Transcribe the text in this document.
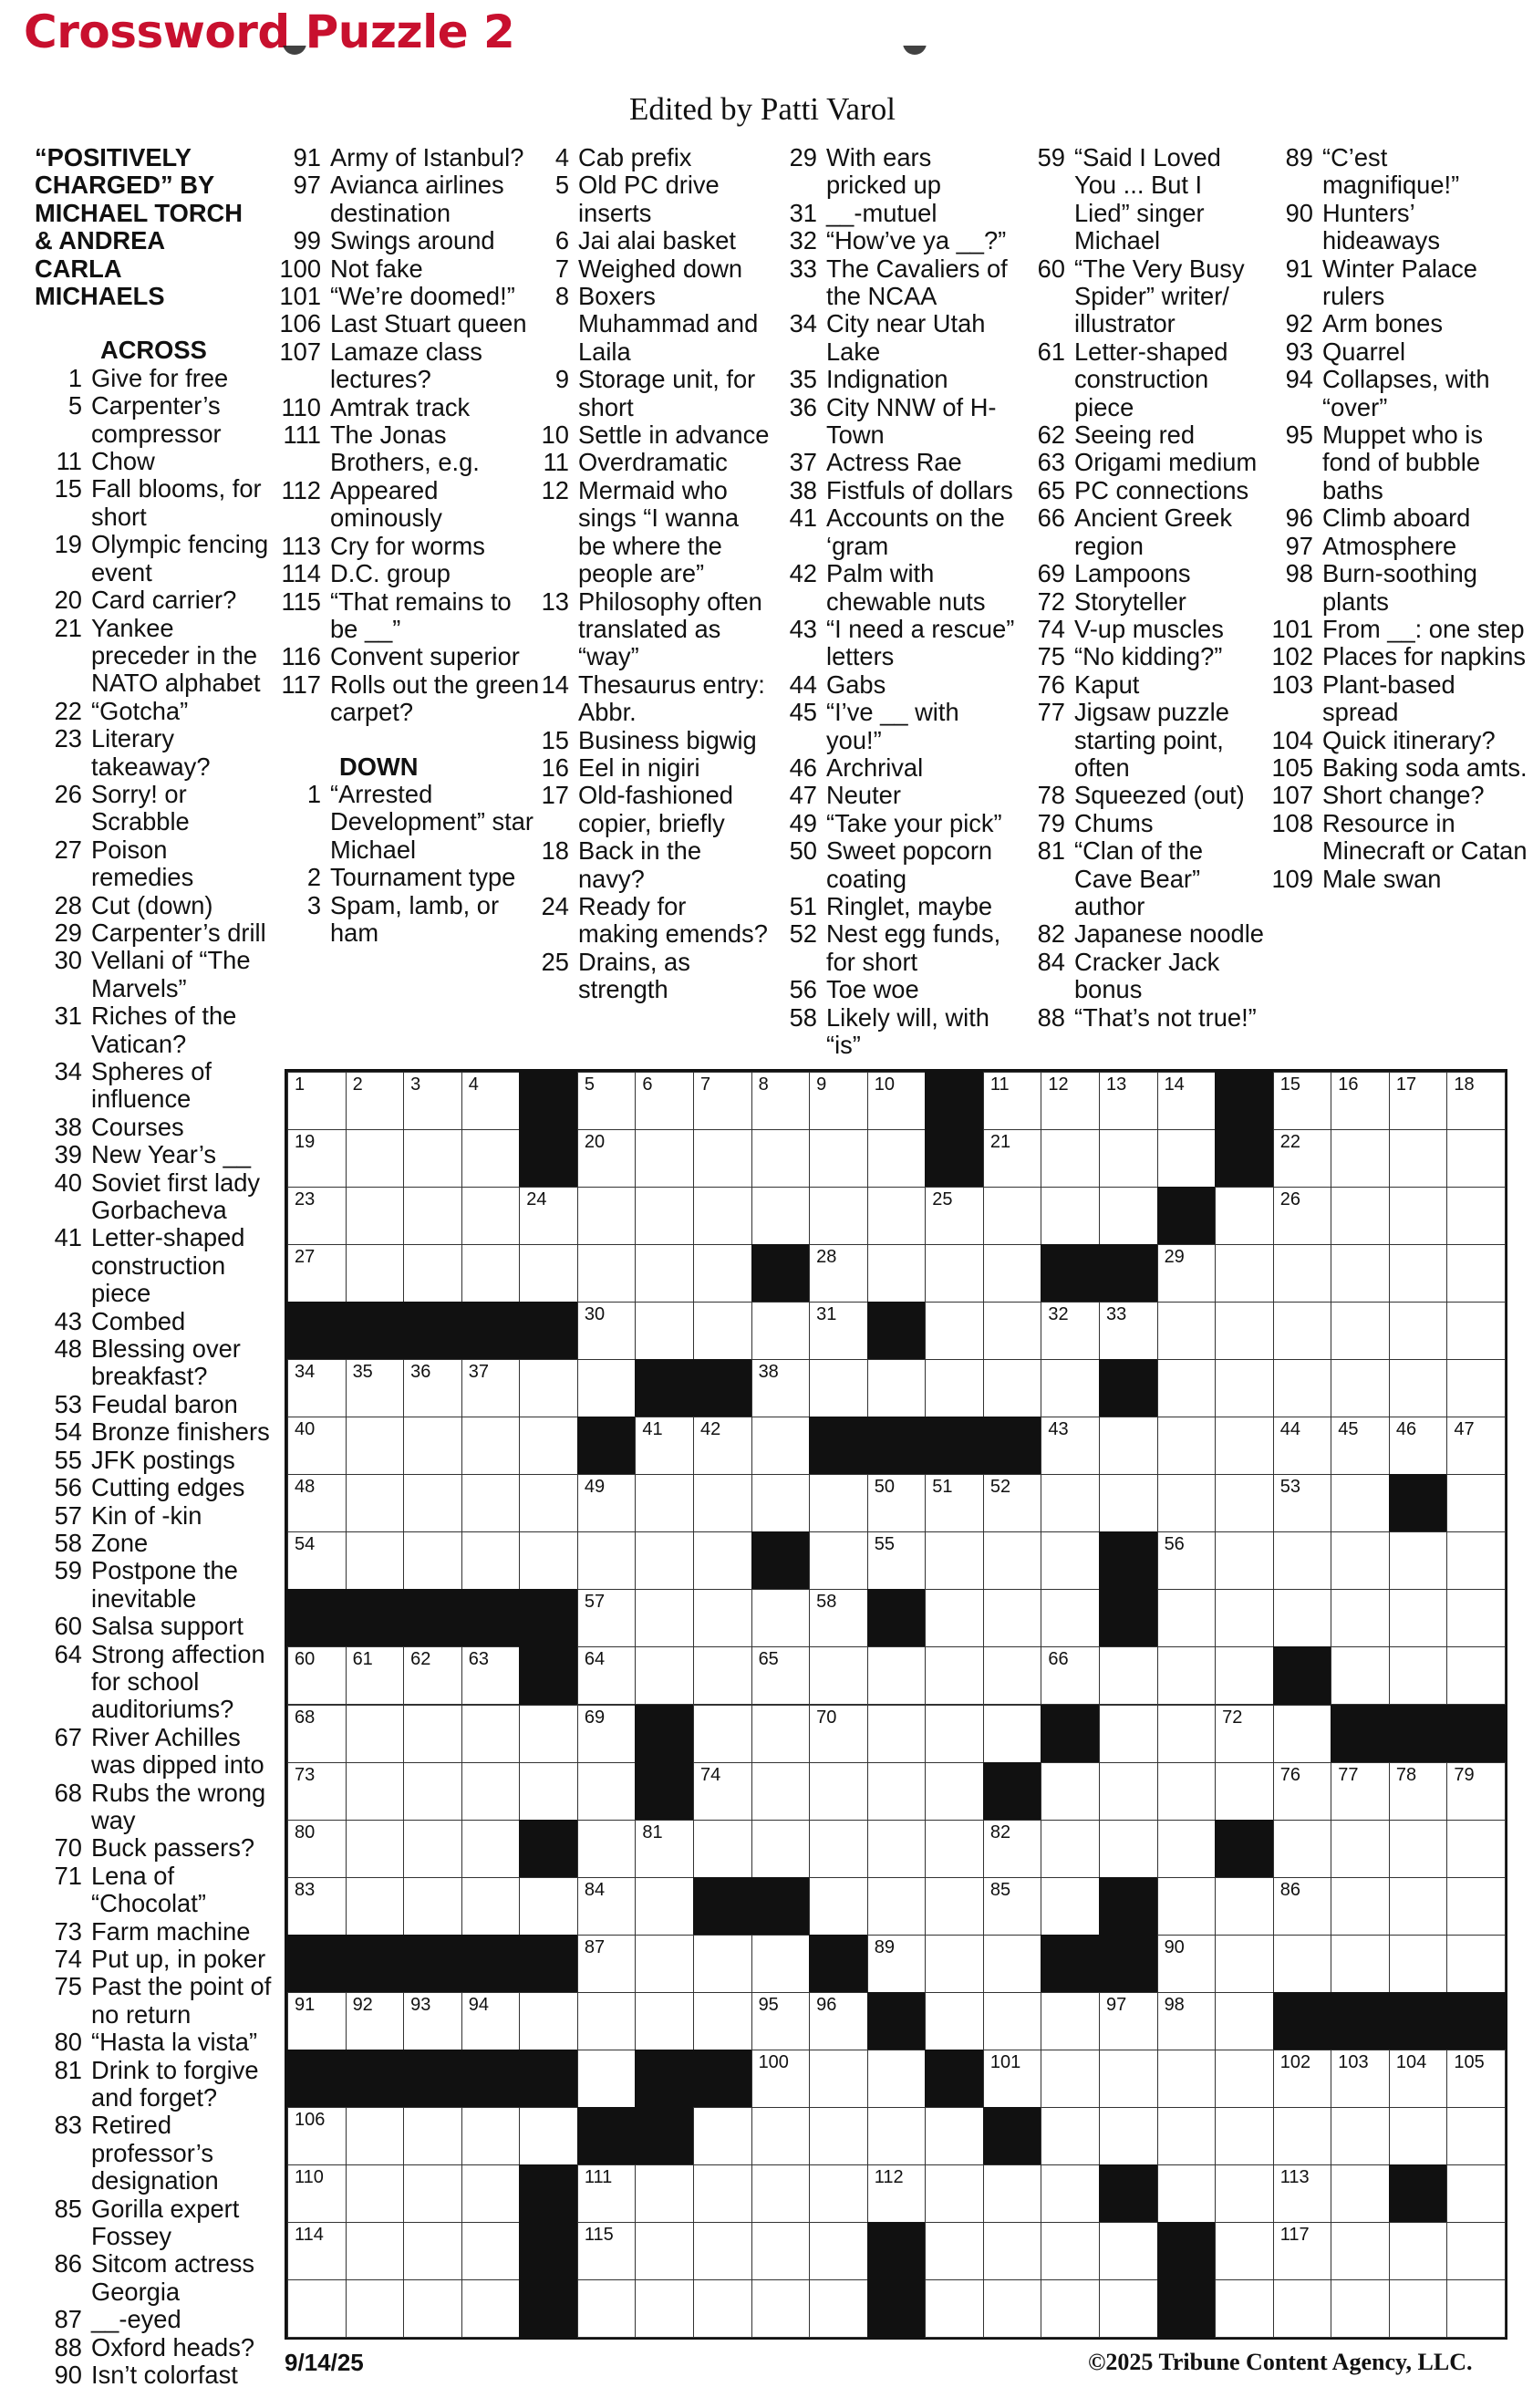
Crossword Puzzle 2
Edited by Patti Varol
“POSITIVELY CHARGED” BY MICHAEL TORCH & ANDREA CARLA MICHAELS
ACROSS
1 Give for free
5 Carpenter’s compressor
11 Chow
15 Fall blooms, for short
19 Olympic fencing event
20 Card carrier?
21 Yankee preceder in the NATO alphabet
22 “Gotcha”
23 Literary takeaway?
26 Sorry! or Scrabble
27 Poison remedies
28 Cut (down)
29 Carpenter’s drill
30 Vellani of “The Marvels”
31 Riches of the Vatican?
34 Spheres of influence
38 Courses
39 New Year’s __
40 Soviet first lady Gorbacheva
41 Letter-shaped construction piece
43 Combed
48 Blessing over breakfast?
53 Feudal baron
54 Bronze finishers
55 JFK postings
56 Cutting edges
57 Kin of -kin
58 Zone
59 Postpone the inevitable
60 Salsa support
64 Strong affection for school auditoriums?
67 River Achilles was dipped into
68 Rubs the wrong way
70 Buck passers?
71 Lena of “Chocolat”
73 Farm machine
74 Put up, in poker
75 Past the point of no return
80 “Hasta la vista”
81 Drink to forgive and forget?
83 Retired professor’s designation
85 Gorilla expert Fossey
86 Sitcom actress Georgia
87 __-eyed
88 Oxford heads?
90 Isn’t colorfast
91 Army of Istanbul?
97 Avianca airlines destination
99 Swings around
100 Not fake
101 “We’re doomed!”
106 Last Stuart queen
107 Lamaze class lectures?
110 Amtrak track
111 The Jonas Brothers, e.g.
112 Appeared ominously
113 Cry for worms
114 D.C. group
115 “That remains to be __”
116 Convent superior
117 Rolls out the green carpet?
DOWN
1 “Arrested Development” star Michael
2 Tournament type
3 Spam, lamb, or ham
4 Cab prefix
5 Old PC drive inserts
6 Jai alai basket
7 Weighed down
8 Boxers Muhammad and Laila
9 Storage unit, for short
10 Settle in advance
11 Overdramatic
12 Mermaid who sings “I wanna be where the people are”
13 Philosophy often translated as “way”
14 Thesaurus entry: Abbr.
15 Business bigwig
16 Eel in nigiri
17 Old-fashioned copier, briefly
18 Back in the navy?
24 Ready for making emends?
25 Drains, as strength
29 With ears pricked up
31 __-mutuel
32 “How’ve ya __?”
33 The Cavaliers of the NCAA
34 City near Utah Lake
35 Indignation
36 City NNW of H-Town
37 Actress Rae
38 Fistfuls of dollars
41 Accounts on the ‘gram
42 Palm with chewable nuts
43 “I need a rescue” letters
44 Gabs
45 “I’ve __ with you!”
46 Archrival
47 Neuter
49 “Take your pick”
50 Sweet popcorn coating
51 Ringlet, maybe
52 Nest egg funds, for short
56 Toe woe
58 Likely will, with “is”
59 “Said I Loved You ... But I Lied” singer Michael
60 “The Very Busy Spider” writer/ illustrator
61 Letter-shaped construction piece
62 Seeing red
63 Origami medium
65 PC connections
66 Ancient Greek region
69 Lampoons
72 Storyteller
74 V-up muscles
75 “No kidding?”
76 Kaput
77 Jigsaw puzzle starting point, often
78 Squeezed (out)
79 Chums
81 “Clan of the Cave Bear” author
82 Japanese noodle
84 Cracker Jack bonus
88 “That’s not true!”
89 “C’est magnifique!”
90 Hunters’ hideaways
91 Winter Palace rulers
92 Arm bones
93 Quarrel
94 Collapses, with “over”
95 Muppet who is fond of bubble baths
96 Climb aboard
97 Atmosphere
98 Burn-soothing plants
101 From __: one step
102 Places for napkins
103 Plant-based spread
104 Quick itinerary?
105 Baking soda amts.
107 Short change?
108 Resource in Minecraft or Catan
109 Male swan
1	2	3	4	5	6	7	8	9	10	11 12 13 14	15 16 17 18
19	20	21	22
23	24	25	26
27	28	29
30	31	32 33
34 35 36 37	38
40	41 42	43	44 45 46 47
48	49	50 51 52	53
54	55	56
57	58
60 61 62 63	64	65	66
68	69	70	72
73	74	76 77 78 79
80	81	82
83	84	85	86
87	89	90
91 92 93 94	95 96	97 98
100	101	102 103 104 105
106
110	111	112	113
114	115	117
9/14/25	©2025 Tribune Content Agency, LLC.
